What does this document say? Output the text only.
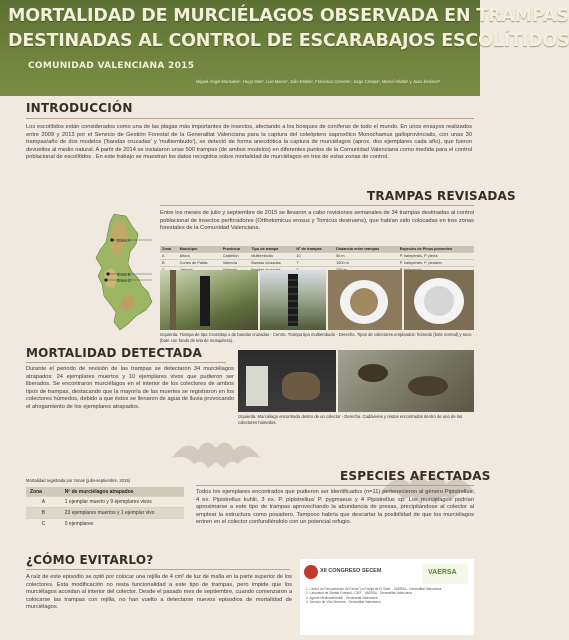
MORTALIDAD DE MURCIÉLAGOS OBSERVADA EN TRAMPAS
DESTINADAS AL CONTROL DE ESCARABAJOS ESCOLÍTIDOS
COMUNIDAD VALENCIANA 2015
Miguel Ángel Monsalve¹, Hugo Mas², Luis Marco¹, Julio Estela¹, Francisco Cervera¹, Jorge Crespo¹, Marcel Vilalta¹ y Juan Jiménez³
INTRODUCCIÓN
Los escolítidos están considerados como una de las plagas más importantes de insectos, afectando a los bosques de coníferas de todo el mundo. En unos ensayos realizados entre 2009 y 2013 por el Servicio de Gestión Forestal de la Generalitat Valenciana para la captura del coleóptero saproxílico Monochamus galloprovincialis, con unas 30 trampas/año de dos modelos ('bandas cruzadas' y 'multiembudo'), se detectó de forma anecdótica la captura de murciélagos (aprox. dos ejemplares cada año), que fueron devueltos al medio natural. A partir de 2014 se instalaron unas 500 trampas (de ambos modelos) en diferentes puntos de la Comunidad Valenciana como medida para el control poblacional de escolítidos . En este trabajo se muestran los datos recogidos sobre mortalidad de murciélagos en tres de estas zonas de control.
Zona A
Zona B
Zona C
TRAMPAS REVISADAS
Entre los meses de julio y septiembre de 2015 se llevaron a cabo revisiones semanales de 34 trampas destinadas al control poblacional de insectos perforadores (Orthotomicus erosus y Tomicus destruens), que habían sido colocadas en tres zonas forestales de la Comunidad Valenciana.
Zona	Municipio	Provincia	Tipo de trampa	Nº de trampas	Distancia entre trampas	Especies de Pinus presentes
A	Altura	Castellón	Multiembudo	10	50 m	P. halepensis, P. pinea
B	Cortes de Pallás	Valencia	Bandas cruzadas	7	1500 m	P. halepensis, P. pinaster

Izquierda. Trampa de tipo Crosstrap o de bandas cruzadas - Centro. Trampa tipo multiembudo - Derecha. Tipos de colectores empleados: húmedo (bote normal) y seco (bote con fondo de tela de mosquitera).
MORTALIDAD DETECTADA
Durante el periodo de revisión de las trampas se detectaron 34 murciélagos atrapados: 24 ejemplares muertos y 10 ejemplares vivos que pudieron ser liberados. Se encontraron murciélagos en el interior de los colectores de ambos tipos de trampas, destacando que la mayoría de las muertes se registraron en los colectores húmedos, debido a que éstos se llenaron de agua de lluvia provocando el ahogamiento de los ejemplares atrapados.
Mortalidad registrada por zonas (julio-septiembre, 2015)
Zona	Nº de murciélagos atrapados
A	1 ejemplar muerto y 9 ejemplares vivos
B	23 ejemplares muertos y 1 ejemplar vivo
C	0 ejemplares
Izquierda. Murciélago encontrado dentro de un colector - Derecha. Cadáveres y restos encontrados dentro de uno de los colectores húmedos.
ESPECIES AFECTADAS
Todos los ejemplares encontrados que pudieron ser identificados (n=11) pertenecieron al género Pipistrellus: 4 ex. Pipistrellus kuhlii, 3 ex. P. pipistrellus/ P. pygmaeus y 4 Pipistrellus sp. Los murciélagos podrían aproximarse a este tipo de trampas aprovechando la abundancia de presas, precipitándose al colector al emplear la estructura como posadero. Tampoco habría que descartar la posibilidad de que los murciélagos entren en el colector confundiéndolo con un potencial refugio.
¿CÓMO EVITARLO?
A raíz de este episodio se optó por colocar una rejilla de 4 cm² de luz de malla en la parte superior de los colectores. Esta modificación no resta funcionalidad a este tipo de trampas, pero impide que los murciélagos accedan al interior del colector. Desde el pasado mes de septiembre, cuando comenzaron a colocarse las trampas con rejilla, no han vuelto a detectarse nuevos episodios de mortalidad de murciélagos.
XII CONGRESO SECEM	VAERSA
1. Centro de Recuperación de Fauna 'La Granja de El Saler' - VAERSA - Generalitat Valenciana
2. Laboratori de Sanitat Forestal - CIEF - VAERSA - Generalitat Valenciana
3. Agente Medioambiental - Generalitat Valenciana
4. Servicio de Vida Silvestre - Generalitat Valenciana
